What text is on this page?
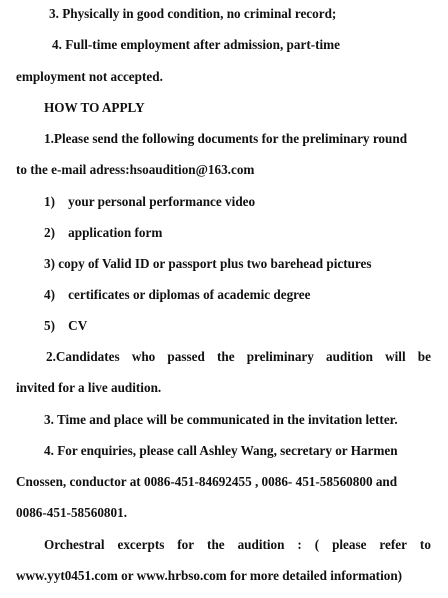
3. Physically in good condition, no criminal record;
4. Full-time employment after admission, part-time
employment not accepted.
HOW TO APPLY
1.Please send the following documents for the preliminary round
to the e-mail adress:hsoaudition@163.com
1) your personal performance video
2) application form
3) copy of Valid ID or passport plus two barehead pictures
4) certificates or diplomas of academic degree
5) CV
2.Candidates who passed the preliminary audition will be
invited for a live audition.
3. Time and place will be communicated in the invitation letter.
4. For enquiries, please call Ashley Wang, secretary or Harmen
Cnossen, conductor at 0086-451-84692455 , 0086- 451-58560800 and
0086-451-58560801.
Orchestral excerpts for the audition : ( please refer to
www.yyt0451.com or www.hrbso.com for more detailed information)
